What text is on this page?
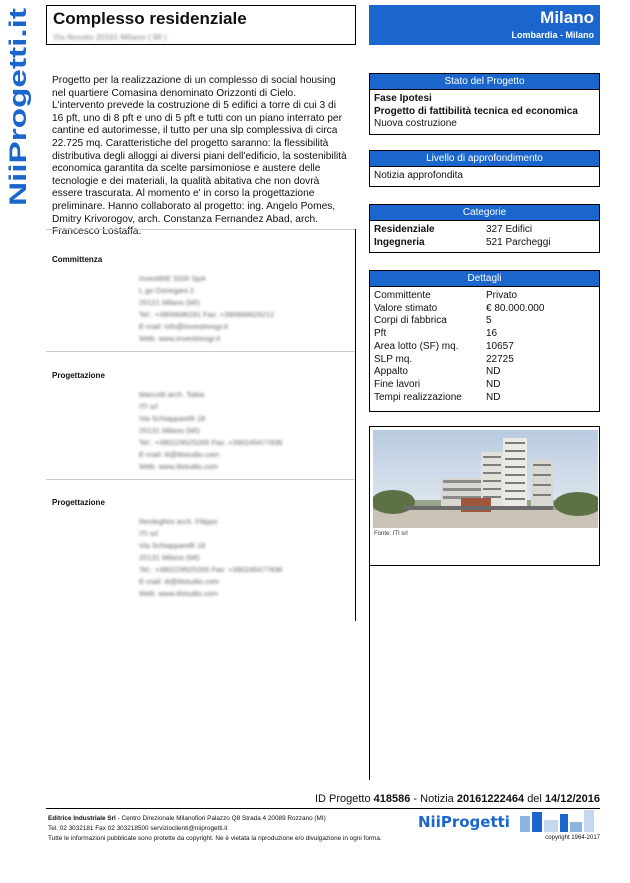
NiiProgetti.it
Complesso residenziale
Via Novate 20161 Milano ( MI )
Milano
Lombardia - Milano
Progetto per la realizzazione di un complesso di social housing nel quartiere Comasina denominato Orizzonti di Cielo. L'intervento prevede la costruzione di 5 edifici a torre di cui 3 di 16 pft, uno di 8 pft e uno di 5 pft e tutti con un piano interrato per cantine ed autorimesse, il tutto per una slp complessiva di circa 22.725 mq. Caratteristiche del progetto saranno: la flessibilità distributiva degli alloggi ai diversi piani dell'edificio, la sostenibilità economica garantita da scelte parsimoniose e austere delle tecnologie e dei materiali, la qualità abitativa che non dovrà essere trascurata. Al momento e' in corso la progettazione preliminare. Hanno collaborato al progetto: ing. Angelo Pomes, Dmitry Krivorogov, arch. Constanza Fernandez Abad, arch. Francesco Lostaffa.
Committenza
InvestiRE SGR SpA
L.go Donegani 2
20121 Milano (MI)
Tel.: +3906696291 Fax: +390669629212
E-mail: info@investiresgr.it
Web: www.investiresgr.it
Progettazione
Marcotti arch. Tobia
ITI srl
Via Schiapparelli 18
20131 Milano (MI)
Tel.: +390229525265 Fax: +390245477836
E-mail: iti@itistudio.com
Web: www.itistudio.com
Progettazione
Resteghini arch. Filippo
ITI srl
Via Schiapparelli 18
20131 Milano (MI)
Tel.: +390229525265 Fax: +390245477836
E-mail: iti@itistudio.com
Web: www.itistudio.com
Stato del Progetto
Fase Ipotesi
Progetto di fattibilità tecnica ed economica
Nuova costruzione
Livello di approfondimento
Notizia approfondita
Categorie
Residenziale	327 Edifici
Ingegneria	521 Parcheggi
Dettagli
Committente	Privato
Valore stimato	€ 80.000.000
Corpi di fabbrica	5
Pft	16
Area lotto (SF) mq.	10657
SLP mq.	22725
Appalto	ND
Fine lavori	ND
Tempi realizzazione	ND
Fonte: ITI srl
ID Progetto 418586 - Notizia 20161222464 del 14/12/2016
Editrice Industriale Srl - Centro Direzionale Milanofiori Palazzo Q8 Strada 4 20089 Rozzano (MI)
Tel. 02 3032181 Fax 02 303218500 servizioclienti@niiprogetti.it
Tutte le informazioni pubblicate sono protette da copyright. Ne è vietata la riproduzione e/o divulgazione in ogni forma.
NiiProgetti
copyright 1964-2017
